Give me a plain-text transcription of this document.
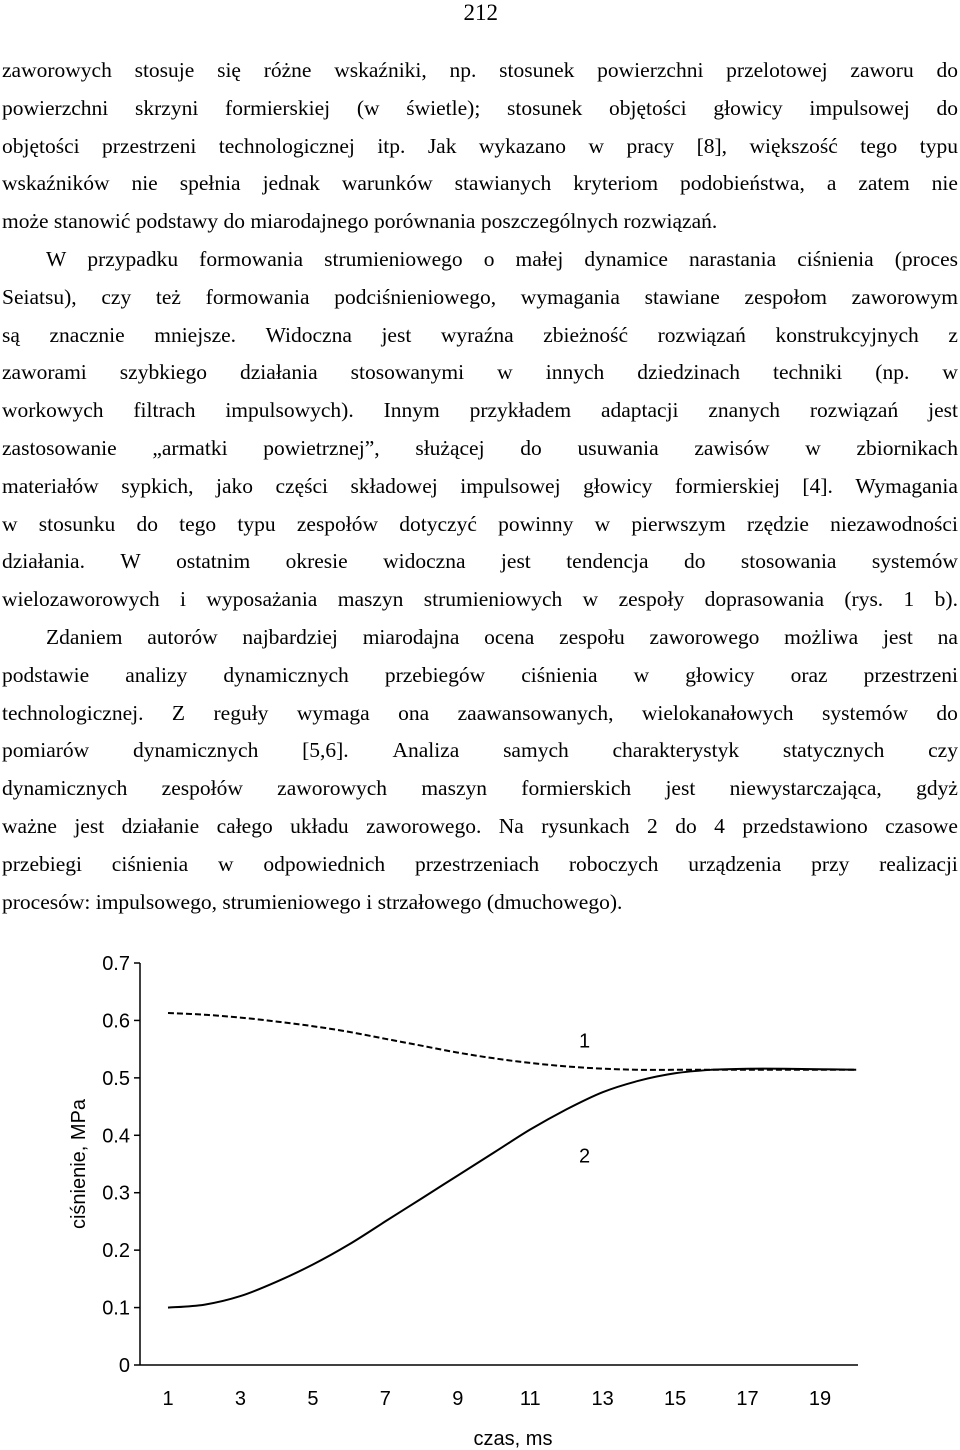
212
zaworowych stosuje się różne wskaźniki, np. stosunek powierzchni przelotowej zaworu do
powierzchni skrzyni formierskiej (w świetle); stosunek objętości głowicy impulsowej do
objętości przestrzeni technologicznej itp. Jak wykazano w pracy [8], większość tego typu
wskaźników nie spełnia jednak warunków stawianych kryteriom podobieństwa, a zatem nie
może stanowić podstawy do miarodajnego porównania poszczególnych rozwiązań.
W przypadku formowania strumieniowego o małej dynamice narastania ciśnienia (proces
Seiatsu), czy też formowania podciśnieniowego, wymagania stawiane zespołom zaworowym
są znacznie mniejsze. Widoczna jest wyraźna zbieżność rozwiązań konstrukcyjnych z
zaworami szybkiego działania stosowanymi w innych dziedzinach techniki (np. w
workowych filtrach impulsowych). Innym przykładem adaptacji znanych rozwiązań jest
zastosowanie „armatki powietrznej”, służącej do usuwania zawisów w zbiornikach
materiałów sypkich, jako części składowej impulsowej głowicy formierskiej [4]. Wymagania
w stosunku do tego typu zespołów dotyczyć powinny w pierwszym rzędzie niezawodności
działania. W ostatnim okresie widoczna jest tendencja do stosowania systemów
wielozaworowych i wyposażania maszyn strumieniowych w zespoły doprasowania (rys. 1 b).
Zdaniem autorów najbardziej miarodajna ocena zespołu zaworowego możliwa jest na
podstawie analizy dynamicznych przebiegów ciśnienia w głowicy oraz przestrzeni
technologicznej. Z reguły wymaga ona zaawansowanych, wielokanałowych systemów do
pomiarów dynamicznych [5,6]. Analiza samych charakterystyk statycznych czy
dynamicznych zespołów zaworowych maszyn formierskich jest niewystarczająca, gdyż
ważne jest działanie całego układu zaworowego. Na rysunkach 2 do 4 przedstawiono czasowe
przebiegi ciśnienia w odpowiednich przestrzeniach roboczych urządzenia przy realizacji
procesów: impulsowego, strumieniowego i strzałowego (dmuchowego).
0
0.1
0.2
0.3
0.4
0.5
0.6
0.7
1	3	5	7	9	11	13	15	17	19
czas, ms
ciśnienie, MPa
1
2
